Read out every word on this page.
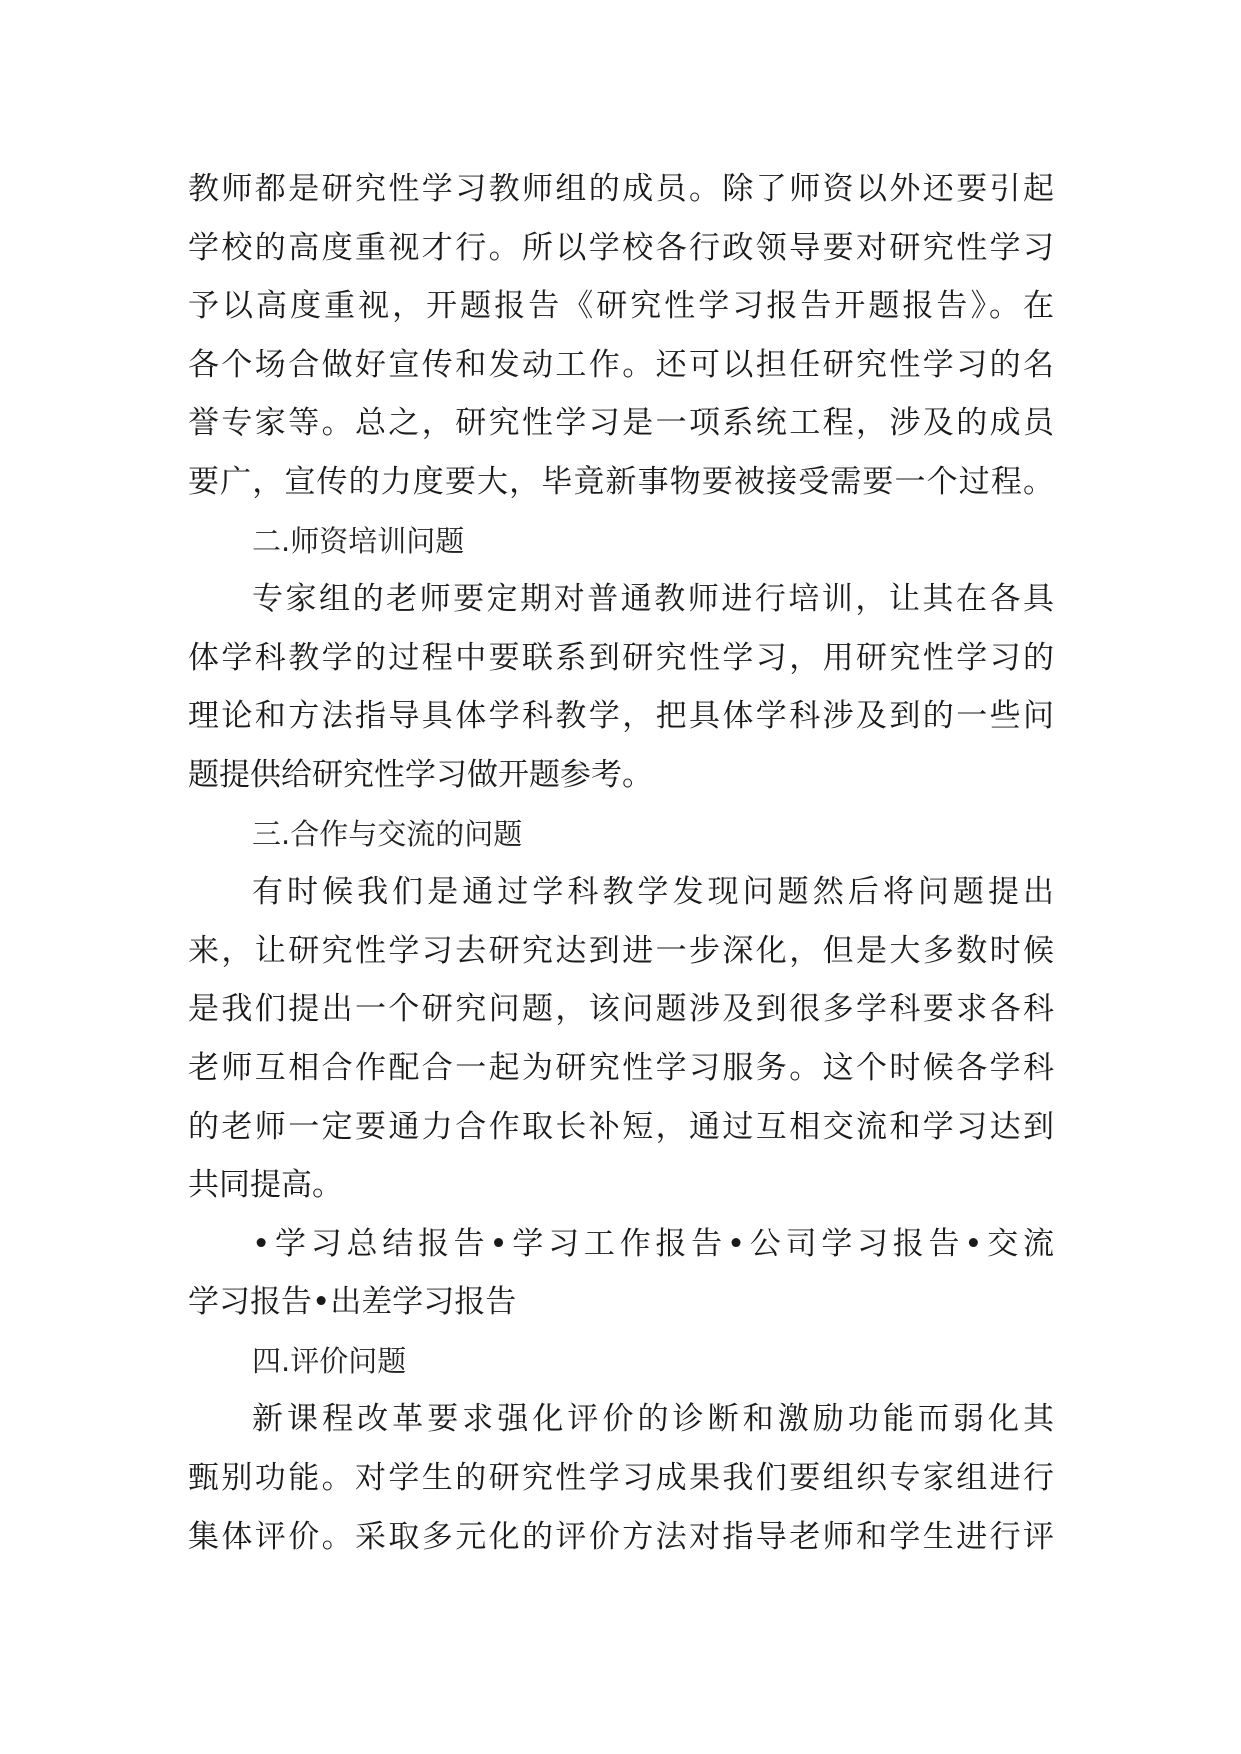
教师都是研究性学习教师组的成员。除了师资以外还要引起
学校的高度重视才行。所以学校各行政领导要对研究性学习
予以高度重视，开题报告《研究性学习报告开题报告》。在
各个场合做好宣传和发动工作。还可以担任研究性学习的名
誉专家等。总之，研究性学习是一项系统工程，涉及的成员
要广，宣传的力度要大，毕竟新事物要被接受需要一个过程。
二.师资培训问题
专家组的老师要定期对普通教师进行培训，让其在各具
体学科教学的过程中要联系到研究性学习，用研究性学习的
理论和方法指导具体学科教学，把具体学科涉及到的一些问
题提供给研究性学习做开题参考。
三.合作与交流的问题
有时候我们是通过学科教学发现问题然后将问题提出
来，让研究性学习去研究达到进一步深化，但是大多数时候
是我们提出一个研究问题，该问题涉及到很多学科要求各科
老师互相合作配合一起为研究性学习服务。这个时候各学科
的老师一定要通力合作取长补短，通过互相交流和学习达到
共同提高。
•学习总结报告•学习工作报告•公司学习报告•交流
学习报告•出差学习报告
四.评价问题
新课程改革要求强化评价的诊断和激励功能而弱化其
甄别功能。对学生的研究性学习成果我们要组织专家组进行
集体评价。采取多元化的评价方法对指导老师和学生进行评
